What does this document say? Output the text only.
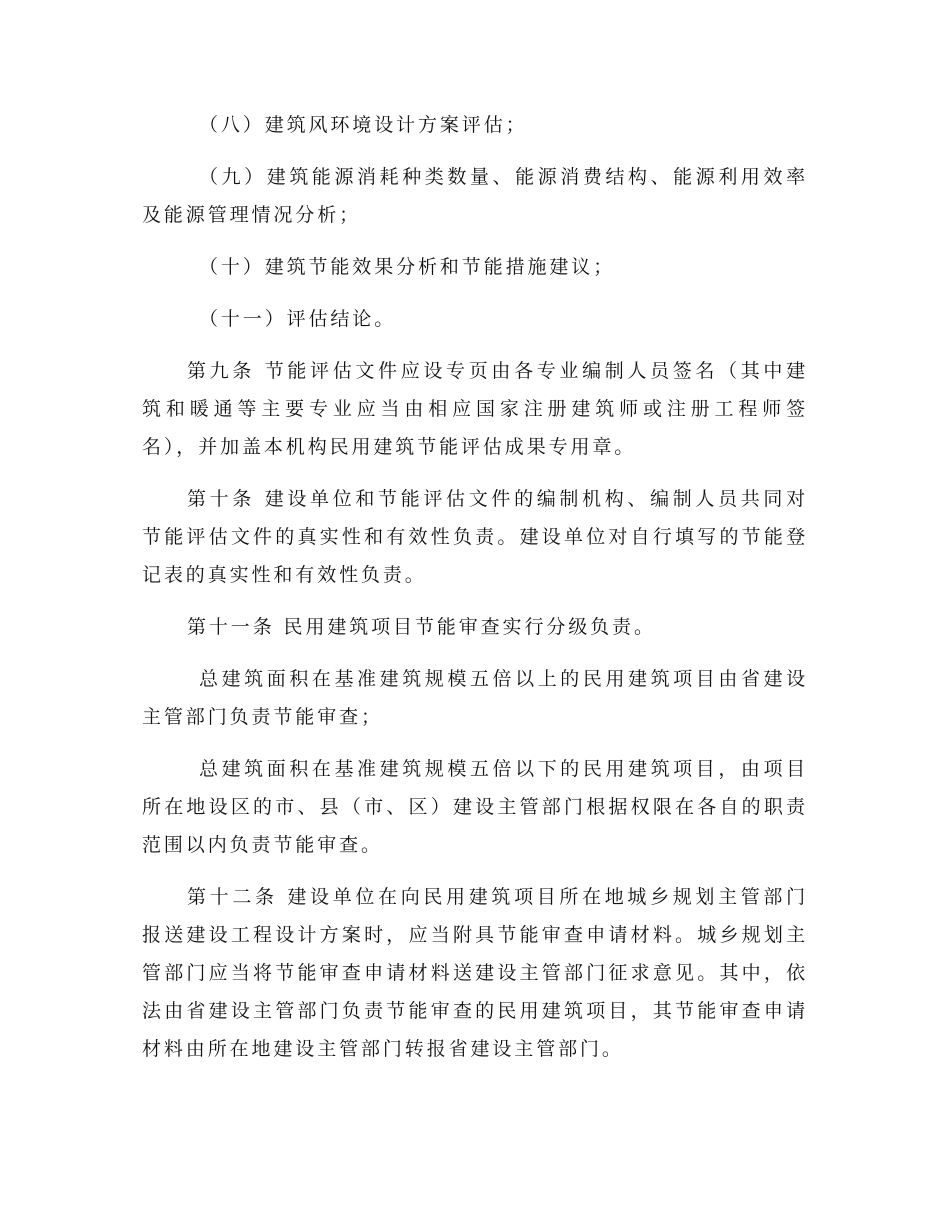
（八）建筑风环境设计方案评估；

（九）建筑能源消耗种类数量、能源消费结构、能源利用效率及能源管理情况分析；

（十）建筑节能效果分析和节能措施建议；

（十一）评估结论。

第九条 节能评估文件应设专页由各专业编制人员签名（其中建筑和暖通等主要专业应当由相应国家注册建筑师或注册工程师签名），并加盖本机构民用建筑节能评估成果专用章。

第十条 建设单位和节能评估文件的编制机构、编制人员共同对节能评估文件的真实性和有效性负责。建设单位对自行填写的节能登记表的真实性和有效性负责。

第十一条 民用建筑项目节能审查实行分级负责。

总建筑面积在基准建筑规模五倍以上的民用建筑项目由省建设主管部门负责节能审查；

总建筑面积在基准建筑规模五倍以下的民用建筑项目，由项目所在地设区的市、县（市、区）建设主管部门根据权限在各自的职责范围以内负责节能审查。

第十二条 建设单位在向民用建筑项目所在地城乡规划主管部门报送建设工程设计方案时，应当附具节能审查申请材料。城乡规划主管部门应当将节能审查申请材料送建设主管部门征求意见。其中，依法由省建设主管部门负责节能审查的民用建筑项目，其节能审查申请材料由所在地建设主管部门转报省建设主管部门。
